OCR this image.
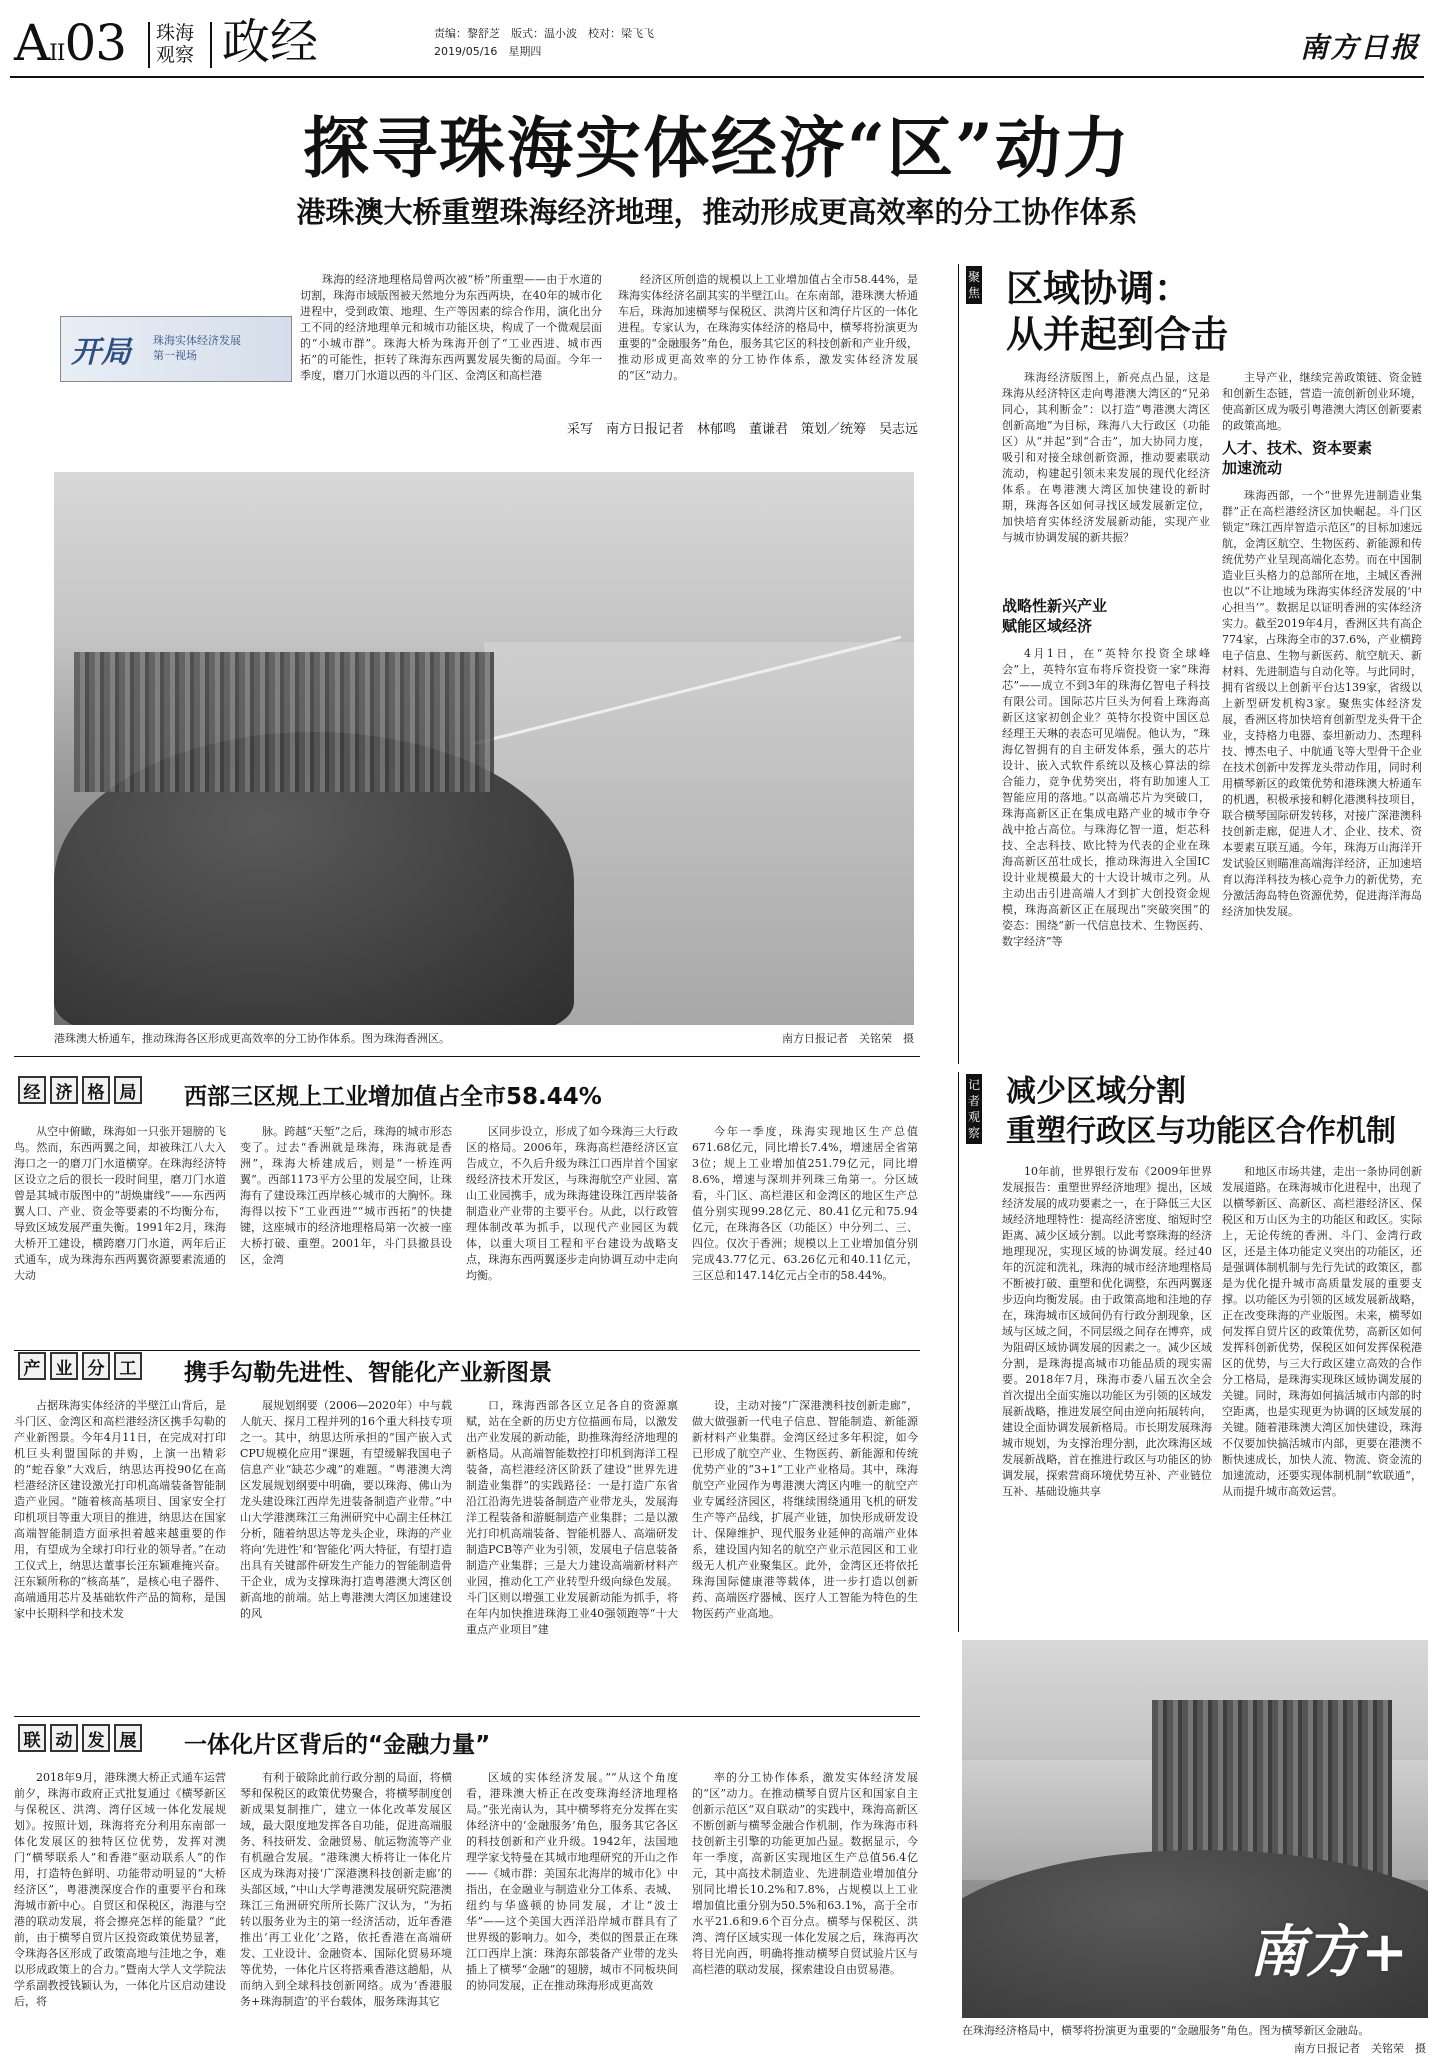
AII03 珠海
观察 政经	责编：黎舒芝　版式：温小波　校对：梁飞飞
2019/05/16　星期四	南方日报
探寻珠海实体经济“区”动力
港珠澳大桥重塑珠海经济地理，推动形成更高效率的分工协作体系
开局 珠海实体经济发展
第一视场

珠海的经济地理格局曾两次被“桥”所重塑——由于水道的切割，珠海市域版图被天然地分为东西两块，在40年的城市化进程中，受到政策、地理、生产等因素的综合作用，演化出分工不同的经济地理单元和城市功能区块，构成了一个微观层面的“小城市群”。珠海大桥为珠海开创了“工业西进、城市西拓”的可能性，拒转了珠海东西两翼发展失衡的局面。今年一季度，磨刀门水道以西的斗门区、金湾区和高栏港

经济区所创造的规模以上工业增加值占全市58.44%，是珠海实体经济名副其实的半壁江山。在东南部，港珠澳大桥通车后，珠海加速横琴与保税区、洪湾片区和湾仔片区的一体化进程。专家认为，在珠海实体经济的格局中，横琴将扮演更为重要的“金融服务”角色，服务其它区的科技创新和产业升级，推动形成更高效率的分工协作体系，激发实体经济发展的“区”动力。

采写　南方日报记者　林郁鸣　董谦君　策划／统筹　吴志远
港珠澳大桥通车，推动珠海各区形成更高效率的分工协作体系。图为珠海香洲区。	南方日报记者　关铭荣　摄
经 济 格 局 西部三区规上工业增加值占全市58.44%

从空中俯瞰，珠海如一只张开翅膀的飞鸟。然而，东西两翼之间，却被珠江八大入海口之一的磨刀门水道横穿。在珠海经济特区设立之后的很长一段时间里，磨刀门水道曾是其城市版图中的“胡焕庸线”——东西两翼人口、产业、资金等要素的不均衡分布，导致区域发展严重失衡。1991年2月，珠海大桥开工建设，横跨磨刀门水道，两年后正式通车，成为珠海东西两翼资源要素流通的大动

脉。跨越“天堑”之后，珠海的城市形态变了。过去“香洲就是珠海，珠海就是香洲”，珠海大桥建成后，则是“一桥连两翼”。西部1173平方公里的发展空间，让珠海有了建设珠江西岸核心城市的大胸怀。珠海得以按下“工业西进”“城市西拓”的快捷键，这座城市的经济地理格局第一次被一座大桥打破、重塑。2001年，斗门县撤县设区，金湾

区同步设立，形成了如今珠海三大行政区的格局。2006年，珠海高栏港经济区宣告成立，不久后升级为珠江口西岸首个国家级经济技术开发区，与珠海航空产业园、富山工业园携手，成为珠海建设珠江西岸装备制造业产业带的主要平台。从此，以行政管理体制改革为抓手，以现代产业园区为载体，以重大项目工程和平台建设为战略支点，珠海东西两翼逐步走向协调互动中走向均衡。

今年一季度，珠海实现地区生产总值671.68亿元，同比增长7.4%，增速居全省第3位；规上工业增加值251.79亿元，同比增8.6%，增速与深圳并列珠三角第一。分区域看，斗门区、高栏港区和金湾区的地区生产总值分别实现99.28亿元、80.41亿元和75.94亿元，在珠海各区（功能区）中分列二、三、四位。仅次于香洲；规模以上工业增加值分别完成43.77亿元、63.26亿元和40.11亿元，三区总和147.14亿元占全市的58.44%。

产 业 分 工 携手勾勒先进性、智能化产业新图景

占据珠海实体经济的半壁江山背后，是斗门区、金湾区和高栏港经济区携手勾勒的产业新图景。今年4月11日，在完成对打印机巨头利盟国际的并购，上演一出精彩的“蛇吞象”大戏后，纳思达再投90亿在高栏港经济区建设激光打印机高端装备智能制造产业园。“随着核高基项目、国家安全打印机项目等重大项目的推进，纳思达在国家高端智能制造方面承担着越来越重要的作用，有望成为全球打印行业的领导者。”在动工仪式上，纳思达董事长汪东颖难掩兴奋。汪东颖所称的“核高基”，是核心电子器件、高端通用芯片及基础软件产品的简称，是国家中长期科学和技术发

展规划纲要（2006—2020年）中与载人航天、探月工程并列的16个重大科技专项之一。其中，纳思达所承担的“国产嵌入式CPU规模化应用”课题，有望缓解我国电子信息产业“缺芯少魂”的难题。“粤港澳大湾区发展规划纲要中明确，要以珠海、佛山为龙头建设珠江西岸先进装备制造产业带。”中山大学港澳珠江三角洲研究中心副主任林江分析，随着纳思达等龙头企业，珠海的产业将向‘先进性’和‘智能化’两大特征，有望打造出具有关键部件研发生产能力的智能制造骨干企业，成为支撑珠海打造粤港澳大湾区创新高地的前端。站上粤港澳大湾区加速建设的风

口，珠海西部各区立足各自的资源禀赋，站在全新的历史方位描画布局，以激发出产业发展的新动能，助推珠海经济地理的新格局。从高端智能数控打印机到海洋工程装备，高栏港经济区阶跃了建设“世界先进制造业集群”的实践路径：一是打造广东省沿江沿海先进装备制造产业带龙头，发展海洋工程装备和游艇制造产业集群；二是以激光打印机高端装备、智能机器人、高端研发制造PCB等产业为引领，发展电子信息装备制造产业集群；三是大力建设高端新材料产业园，推动化工产业转型升级向绿色发展。斗门区则以增强工业发展新动能为抓手，将在年内加快推进珠海工业40强领跑等“十大重点产业项目”建

设，主动对接“广深港澳科技创新走廊”，做大做强新一代电子信息、智能制造、新能源新材料产业集群。金湾区经过多年积淀，如今已形成了航空产业、生物医药、新能源和传统优势产业的“3+1”工业产业格局。其中，珠海航空产业园作为粤港澳大湾区内唯一的航空产业专属经济园区，将继续围绕通用飞机的研发生产等产品线，扩展产业链，加快形成研发设计、保障维护、现代服务业延伸的高端产业体系，建设国内知名的航空产业示范园区和工业级无人机产业聚集区。此外，金湾区还将依托珠海国际健康港等载体，进一步打造以创新药、高端医疗器械、医疗人工智能为特色的生物医药产业高地。

联 动 发 展 一体化片区背后的“金融力量”

2018年9月，港珠澳大桥正式通车运营前夕，珠海市政府正式批复通过《横琴新区与保税区、洪湾、湾仔区域一体化发展规划》。按照计划，珠海将充分利用东南部一体化发展区的独特区位优势，发挥对澳门“横琴联系人”和香港“驱动联系人”的作用，打造特色鲜明、功能带动明显的“大桥经济区”，粤港澳深度合作的重要平台和珠海城市新中心。自贸区和保税区，海港与空港的联动发展，将会擦亮怎样的能量？“此前，由于横琴自贸片区投资政策优势显著，令珠海各区形成了政策高地与洼地之争，难以形成政策上的合力。”暨南大学人文学院法学系副教授钱颖认为，一体化片区启动建设后，将

有利于破除此前行政分割的局面，将横琴和保税区的政策优势聚合，将横琴制度创新成果复制推广，建立一体化改革发展区域，最大限度地发挥各自功能，促进高端服务、科技研发、金融贸易、航运物流等产业有机融合发展。“港珠澳大桥将让一体化片区成为珠海对接‘广深港澳科技创新走廊’的头部区域，”中山大学粤港澳发展研究院港澳珠江三角洲研究所所长陈广汉认为，“为拓转以服务业为主的第一经济活动，近年香港推出‘再工业化’之路，依托香港在高端研发、工业设计、金融资本、国际化贸易环境等优势，一体化片区将搭乘香港这趟船，从而纳入到全球科技创新网络。成为‘香港服务+珠海制造’的平台载体，服务珠海其它

区域的实体经济发展。”“从这个角度看，港珠澳大桥正在改变珠海经济地理格局。”张光南认为，其中横琴将充分发挥在实体经济中的‘金融服务’角色，服务其它各区的科技创新和产业升级。1942年，法国地理学家戈特曼在其城市地理研究的开山之作——《城市群：美国东北海岸的城市化》中指出，在金融业与制造业分工体系、表城、纽约与华盛顿的协同发展，才让“波士华”——这个美国大西洋沿岸城市群具有了世界级的影响力。如今，类似的图景正在珠江口西岸上演：珠海东部装备产业带的龙头插上了横琴“金融”的翅膀，城市不同板块间的协同发展，正在推动珠海形成更高效

率的分工协作体系，激发实体经济发展的“区”动力。在推动横琴自贸片区和国家自主创新示范区“双自联动”的实践中，珠海高新区不断创新与横琴金融合作机制，作为珠海市科技创新主引擎的功能更加凸显。数据显示，今年一季度，高新区实现地区生产总值56.4亿元，其中高技术制造业、先进制造业增加值分别同比增长10.2%和7.8%，占规模以上工业增加值比重分别为50.5%和63.1%，高于全市水平21.6和9.6个百分点。横琴与保税区、洪湾、湾仔区域实现一体化发展之后，珠海再次将目光向西，明确将推动横琴自贸试验片区与高栏港的联动发展，探索建设自由贸易港。

聚焦 区域协调：
从并起到合击

珠海经济版图上，新亮点凸显，这是珠海从经济特区走向粤港澳大湾区的“兄弟同心，其利断金”：以打造“粤港澳大湾区创新高地”为目标，珠海八大行政区（功能区）从“并起”到“合击”，加大协同力度，吸引和对接全球创新资源，推动要素联动流动，构建起引领未来发展的现代化经济体系。在粤港澳大湾区加快建设的新时期，珠海各区如何寻找区域发展新定位，加快培育实体经济发展新动能，实现产业与城市协调发展的新共振？

战略性新兴产业
赋能区域经济

4月1日，在“英特尔投资全球峰会”上，英特尔宣布将斥资投资一家“珠海芯”——成立不到3年的珠海亿智电子科技有限公司。国际芯片巨头为何看上珠海高新区这家初创企业？英特尔投资中国区总经理王天琳的表态可见端倪。他认为，“珠海亿智拥有的自主研发体系，强大的芯片设计、嵌入式软件系统以及核心算法的综合能力，竞争优势突出，将有助加速人工智能应用的落地。”以高端芯片为突破口，珠海高新区正在集成电路产业的城市争夺战中抢占高位。与珠海亿智一道，炬芯科技、全志科技、欧比特为代表的企业在珠海高新区茁壮成长，推动珠海进入全国IC设计业规模最大的十大设计城市之列。从主动出击引进高端人才到扩大创投资金规模，珠海高新区正在展现出“突破突围”的姿态：围绕“新一代信息技术、生物医药、数字经济”等

主导产业，继续完善政策链、资金链和创新生态链，营造一流创新创业环境，使高新区成为吸引粤港澳大湾区创新要素的政策高地。

人才、技术、资本要素
加速流动

珠海西部，一个“世界先进制造业集群”正在高栏港经济区加快崛起。斗门区锁定“珠江西岸智造示范区”的目标加速远航，金湾区航空、生物医药、新能源和传统优势产业呈现高端化态势。而在中国制造业巨头格力的总部所在地，主城区香洲也以“不让地域为珠海实体经济发展的‘中心担当’”。数据足以证明香洲的实体经济实力。截至2019年4月，香洲区共有高企774家，占珠海全市的37.6%，产业横跨电子信息、生物与新医药、航空航天、新材料、先进制造与自动化等。与此同时，拥有省级以上创新平台达139家，省级以上新型研发机构3家。聚焦实体经济发展，香洲区将加快培育创新型龙头骨干企业，支持格力电器、泰坦新动力、杰理科技、博杰电子、中航通飞等大型骨干企业在技术创新中发挥龙头带动作用，同时利用横琴新区的政策优势和港珠澳大桥通车的机遇，积极承接和孵化港澳科技项目，联合横琴国际研发转移，对接广深港澳科技创新走廊，促进人才、企业、技术、资本要素互联互通。今年，珠海万山海洋开发试验区则瞄准高端海洋经济，正加速培育以海洋科技为核心竞争力的新优势，充分激活海岛特色资源优势，促进海洋海岛经济加快发展。

记者观察
减少区域分割
重塑行政区与功能区合作机制

10年前，世界银行发布《2009年世界发展报告：重塑世界经济地理》提出，区域经济发展的成功要素之一，在于降低三大区域经济地理特性：提高经济密度、缩短时空距离、减少区域分割。以此考察珠海的经济地理现况，实现区域的协调发展。经过40年的沉淀和洗礼，珠海的城市经济地理格局不断被打破、重塑和优化调整，东西两翼逐步迈向均衡发展。由于政策高地和洼地的存在，珠海城市区域间仍有行政分割现象，区域与区域之间，不同层级之间存在博弈，成为阻碍区域协调发展的因素之一。减少区域分割，是珠海提高城市功能品质的现实需要。2018年7月，珠海市委八届五次全会首次提出全面实施以功能区为引领的区域发展新战略，推进发展空间由逆向拓展转向，建设全面协调发展新格局。市长期发展珠海城市规划，为支撑治理分割，此次珠海区域发展新战略，首在推进行政区与功能区的协调发展，探索营商环境优势互补、产业链位互补、基础设施共享

和地区市场共建，走出一条协同创新发展道路。在珠海城市化进程中，出现了以横琴新区、高新区、高栏港经济区、保税区和万山区为主的功能区和政区。实际上，无论传统的香洲、斗门、金湾行政区，还是主体功能定义突出的功能区，还是强调体制机制与先行先试的政策区，都是为优化提升城市高质量发展的重要支撑。以功能区为引领的区域发展新战略，正在改变珠海的产业版图。未来，横琴如何发挥自贸片区的政策优势，高新区如何发挥科创新优势，保税区如何发挥保税港区的优势，与三大行政区建立高效的合作分工格局，是珠海实现珠区域协调发展的关键。同时，珠海如何搞活城市内部的时空距离，也是实现更为协调的区域发展的关键。随着港珠澳大湾区加快建设，珠海不仅要加快搞活城市内部，更要在港澳不断快速成长，加快人流、物流、资金流的加速流动，还要实现体制机制“软联通”，从而提升城市高效运营。

南方+
在珠海经济格局中，横琴将扮演更为重要的“金融服务”角色。图为横琴新区金融岛。
南方日报记者　关铭荣　摄
